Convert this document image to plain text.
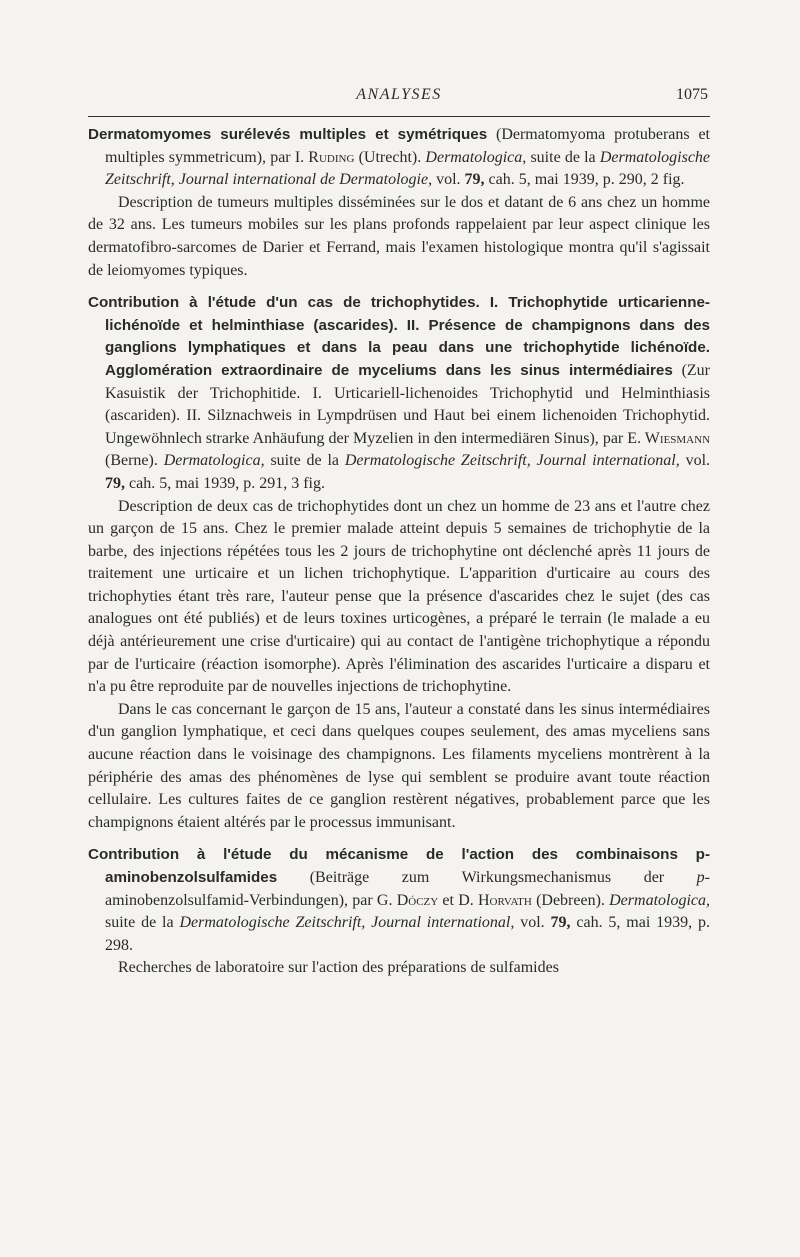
ANALYSES	1075

Dermatomyomes surélevés multiples et symétriques (Dermatomyoma protuberans et multiples symmetricum), par I. Ruding (Utrecht). Dermatologica, suite de la Dermatologische Zeitschrift, Journal international de Dermatologie, vol. 79, cah. 5, mai 1939, p. 290, 2 fig.

Description de tumeurs multiples disséminées sur le dos et datant de 6 ans chez un homme de 32 ans. Les tumeurs mobiles sur les plans profonds rappelaient par leur aspect clinique les dermatofibro-sarcomes de Darier et Ferrand, mais l'examen histologique montra qu'il s'agissait de leiomyomes typiques.

Contribution à l'étude d'un cas de trichophytides. I. Trichophytide urticarienne-lichénoïde et helminthiase (ascarides). II. Présence de champignons dans des ganglions lymphatiques et dans la peau dans une trichophytide lichénoïde. Agglomération extraordinaire de myceliums dans les sinus intermédiaires (Zur Kasuistik der Trichophitide. I. Urticariell-lichenoides Trichophytid und Helminthiasis (ascariden). II. Silznachweis in Lympdrüsen und Haut bei einem lichenoiden Trichophytid. Ungewöhnlech strarke Anhäufung der Myzelien in den intermediären Sinus), par E. Wiesmann (Berne). Dermatologica, suite de la Dermatologische Zeitschrift, Journal international, vol. 79, cah. 5, mai 1939, p. 291, 3 fig.

Description de deux cas de trichophytides dont un chez un homme de 23 ans et l'autre chez un garçon de 15 ans. Chez le premier malade atteint depuis 5 semaines de trichophytie de la barbe, des injections répétées tous les 2 jours de trichophytine ont déclenché après 11 jours de traitement une urticaire et un lichen trichophytique. L'apparition d'urticaire au cours des trichophyties étant très rare, l'auteur pense que la présence d'ascarides chez le sujet (des cas analogues ont été publiés) et de leurs toxines urticogènes, a préparé le terrain (le malade a eu déjà antérieurement une crise d'urticaire) qui au contact de l'antigène trichophytique a répondu par de l'urticaire (réaction isomorphe). Après l'élimination des ascarides l'urticaire a disparu et n'a pu être reproduite par de nouvelles injections de trichophytine.

Dans le cas concernant le garçon de 15 ans, l'auteur a constaté dans les sinus intermédiaires d'un ganglion lymphatique, et ceci dans quelques coupes seulement, des amas myceliens sans aucune réaction dans le voisinage des champignons. Les filaments myceliens montrèrent à la périphérie des amas des phénomènes de lyse qui semblent se produire avant toute réaction cellulaire. Les cultures faites de ce ganglion restèrent négatives, probablement parce que les champignons étaient altérés par le processus immunisant.

Contribution à l'étude du mécanisme de l'action des combinaisons p-aminobenzolsulfamides (Beiträge zum Wirkungsmechanismus der p-aminobenzolsulfamid-Verbindungen), par G. Dóczy et D. Horvath (Debreen). Dermatologica, suite de la Dermatologische Zeitschrift, Journal international, vol. 79, cah. 5, mai 1939, p. 298.

Recherches de laboratoire sur l'action des préparations de sulfamides
